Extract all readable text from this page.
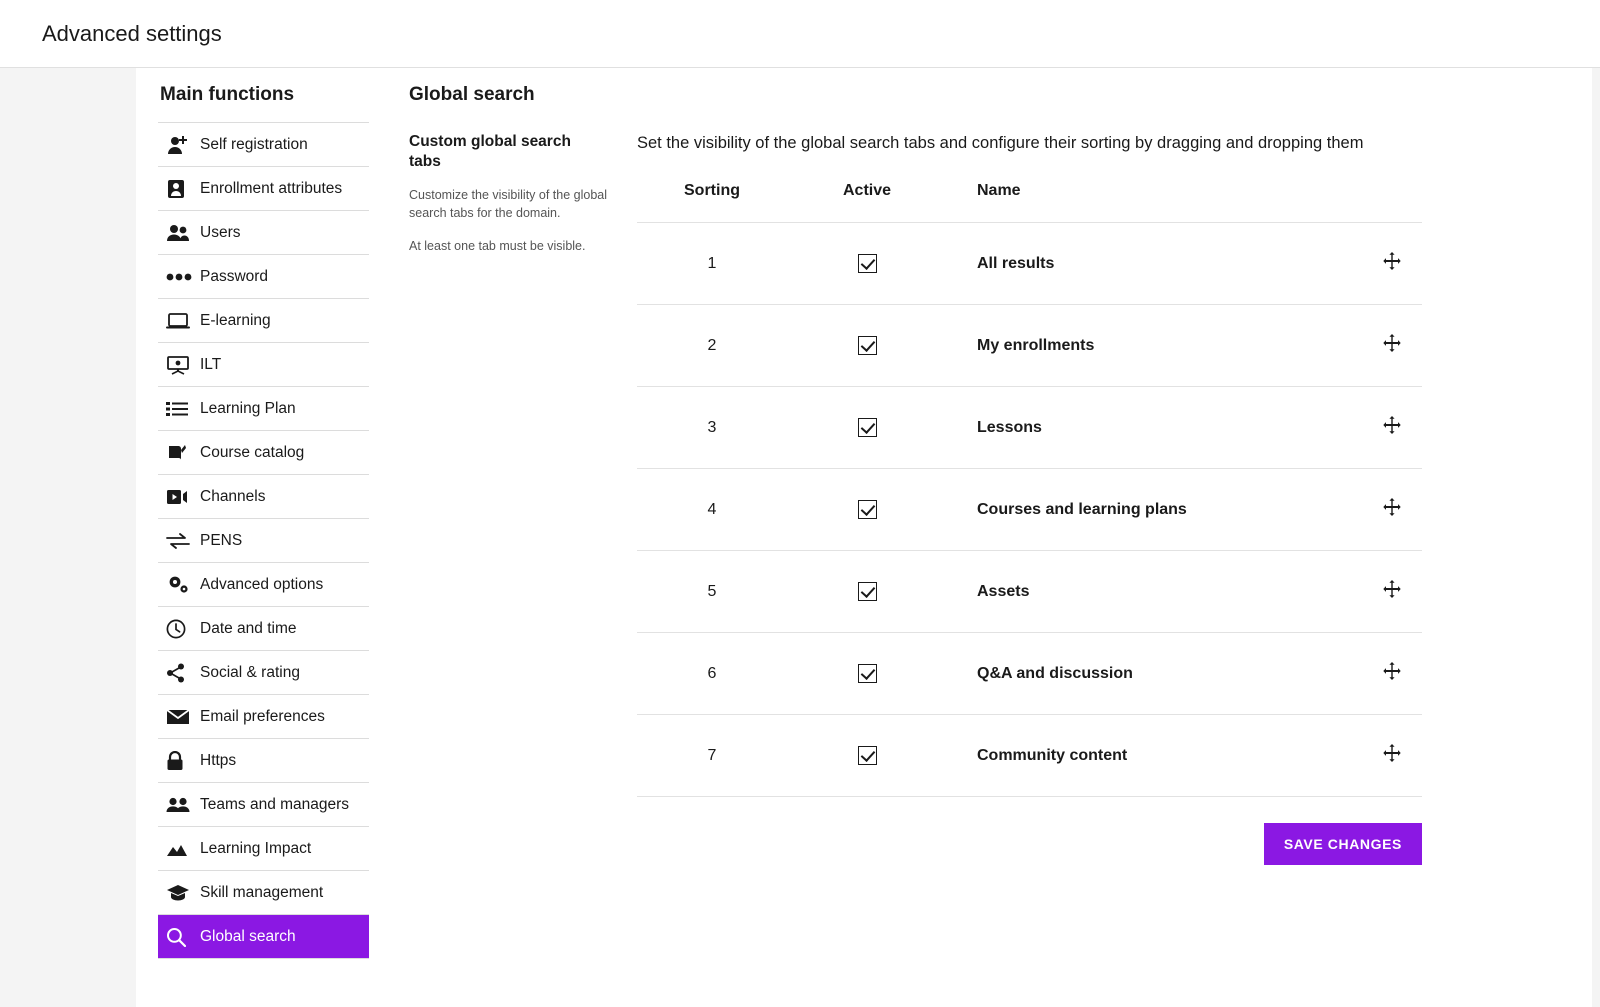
Advanced settings
Main functions
Self registration
Enrollment attributes
Users
Password
E-learning
ILT
Learning Plan
Course catalog
Channels
PENS
Advanced options
Date and time
Social & rating
Email preferences
Https
Teams and managers
Learning Impact
Skill management
Global search
Global search
Custom global search tabs

Customize the visibility of the global search tabs for the domain.

At least one tab must be visible.

Set the visibility of the global search tabs and configure their sorting by dragging and dropping them

Sorting	Active	Name	
1		All results	

2		My enrollments	

3		Lessons	

4		Courses and learning plans	

5		Assets	

6		Q&A and discussion	

7		Community content	
SAVE CHANGES
